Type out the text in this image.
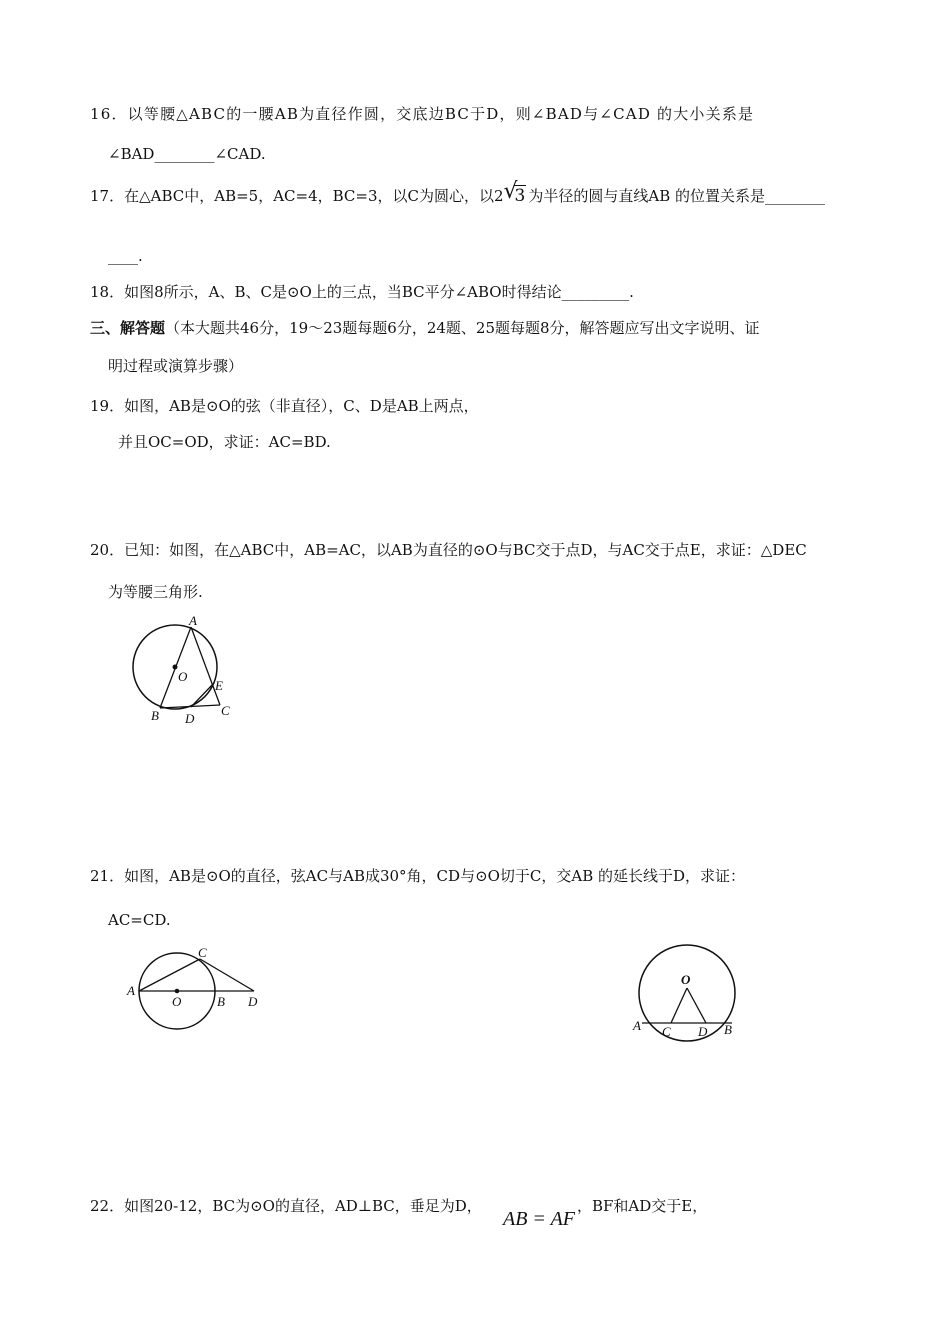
16．以等腰△ABC的一腰AB为直径作圆，交底边BC于D，则∠BAD与∠CAD 的大小关系是
∠BAD________∠CAD.
17．在△ABC中，AB=5，AC=4，BC=3，以C为圆心，以2 √
3 为半径的圆与直线AB 的位置关系是________
____.
18．如图8所示，A、B、C是⊙O上的三点，当BC平分∠ABO时得结论_________.
三、解答题（本大题共46分，19～23题每题6分，24题、25题每题8分，解答题应写出文字说明、证
明过程或演算步骤）
19．如图，AB是⊙O的弦（非直径），C、D是AB上两点，
并且OC=OD，求证：AC=BD.
20．已知：如图，在△ABC中，AB=AC，以AB为直径的⊙O与BC交于点D，与AC交于点E，求证：△DEC
为等腰三角形.
A
O
E
B D
C
21．如图，AB是⊙O的直径，弦AC与AB成30°角，CD与⊙O切于C，交AB 的延长线于D，求证：
AC=CD.
A
O	B
C
D
O
A C D B
22．如图20-12，BC为⊙O的直径，AD⊥BC，垂足为D，
AB = AF
，BF和AD交于E，
